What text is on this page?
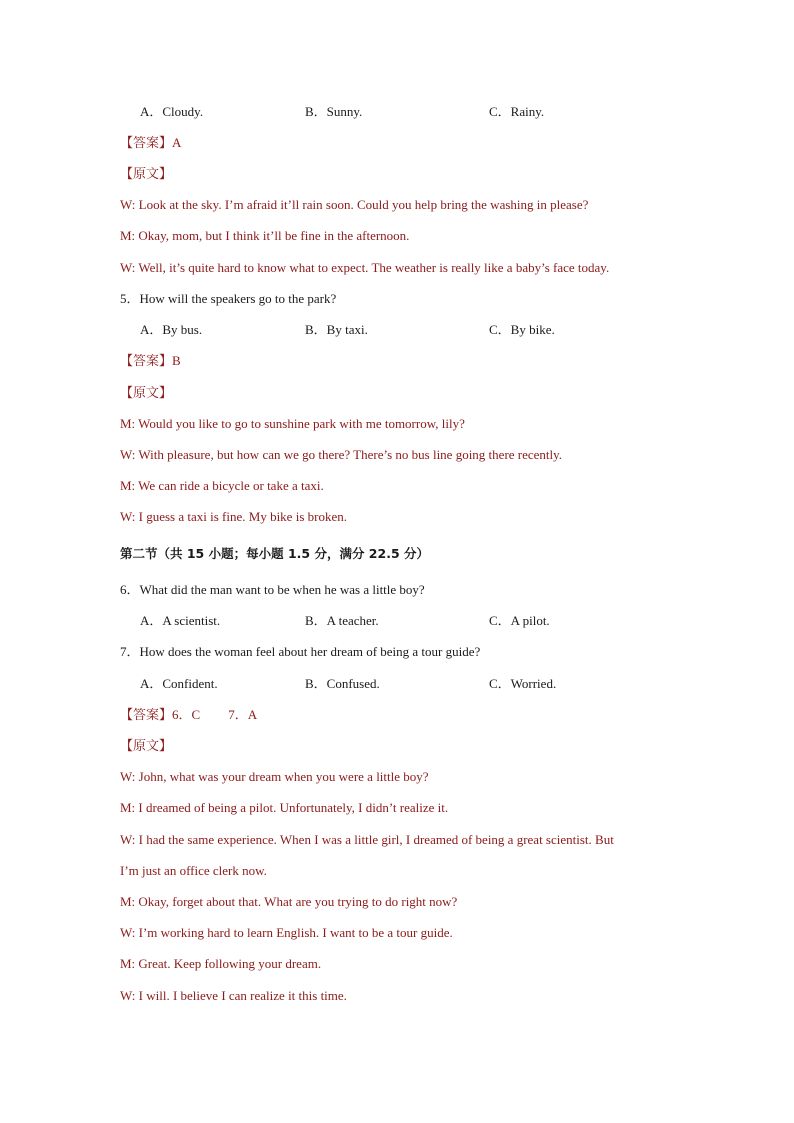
A．Cloudy.	B．Sunny.	C．Rainy.
【答案】A
【原文】
W: Look at the sky. I’m afraid it’ll rain soon. Could you help bring the washing in please?
M: Okay, mom, but I think it’ll be fine in the afternoon.
W: Well, it’s quite hard to know what to expect. The weather is really like a baby’s face today.
5．How will the speakers go to the park?
A．By bus.	B．By taxi.	C．By bike.
【答案】B
【原文】
M: Would you like to go to sunshine park with me tomorrow, lily?
W: With pleasure, but how can we go there? There’s no bus line going there recently.
M: We can ride a bicycle or take a taxi.
W: I guess a taxi is fine. My bike is broken.
第二节（共 15 小题；每小题 1.5 分，满分 22.5 分）
6．What did the man want to be when he was a little boy?
A．A scientist.	B．A teacher.	C．A pilot.
7．How does the woman feel about her dream of being a tour guide?
A．Confident.	B．Confused.	C．Worried.
【答案】6．C 7．A
【原文】
W: John, what was your dream when you were a little boy?
M: I dreamed of being a pilot. Unfortunately, I didn’t realize it.
W: I had the same experience. When I was a little girl, I dreamed of being a great scientist. But
I’m just an office clerk now.
M: Okay, forget about that. What are you trying to do right now?
W: I’m working hard to learn English. I want to be a tour guide.
M: Great. Keep following your dream.
W: I will. I believe I can realize it this time.
